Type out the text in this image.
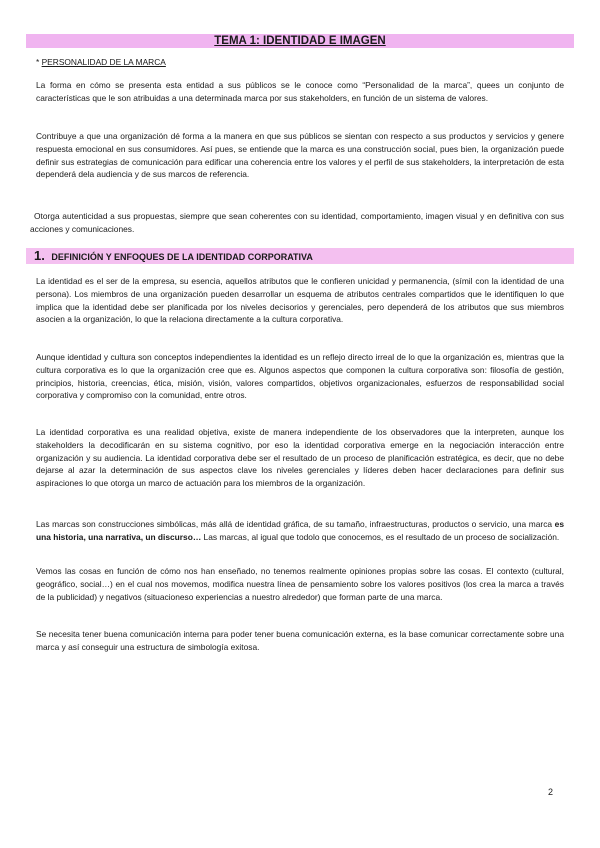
TEMA 1: IDENTIDAD E IMAGEN
* PERSONALIDAD DE LA MARCA

La forma en cómo se presenta esta entidad a sus públicos se le conoce como “Personalidad de la marca”, quees un conjunto de características que le son atribuidas a una determinada marca por sus stakeholders, en función de un sistema de valores.

Contribuye a que una organización dé forma a la manera en que sus públicos se sientan con respecto a sus productos y servicios y genere respuesta emocional en sus consumidores. Así pues, se entiende que la marca es una construcción social, pues bien, la organización puede definir sus estrategias de comunicación para edificar una coherencia entre los valores y el perfil de sus stakeholders, la interpretación de esta dependerá dela audiencia y de sus marcos de referencia.

Otorga autenticidad a sus propuestas, siempre que sean coherentes con su identidad, comportamiento, imagen visual y en definitiva con sus acciones y comunicaciones.

1. DEFINICIÓN Y ENFOQUES DE LA IDENTIDAD CORPORATIVA

La identidad es el ser de la empresa, su esencia, aquellos atributos que le confieren unicidad y permanencia, (símil con la identidad de una persona). Los miembros de una organización pueden desarrollar un esquema de atributos centrales compartidos que le identifiquen lo que implica que la identidad debe ser planificada por los niveles decisorios y gerenciales, pero dependerá de los atributos que sus miembros asocien a la organización, lo que la relaciona directamente a la cultura corporativa.

Aunque identidad y cultura son conceptos independientes la identidad es un reflejo directo irreal de lo que la organización es, mientras que la cultura corporativa es lo que la organización cree que es. Algunos aspectos que componen la cultura corporativa son: filosofía de gestión, principios, historia, creencias, ética, misión, visión, valores compartidos, objetivos organizacionales, esfuerzos de responsabilidad social corporativa y compromiso con la comunidad, entre otros.

La identidad corporativa es una realidad objetiva, existe de manera independiente de los observadores que la interpreten, aunque los stakeholders la decodificarán en su sistema cognitivo, por eso la identidad corporativa emerge en la negociación interacción entre organización y su audiencia. La identidad corporativa debe ser el resultado de un proceso de planificación estratégica, es decir, que no debe dejarse al azar la determinación de sus aspectos clave los niveles gerenciales y líderes deben hacer declaraciones para definir sus aspiraciones lo que otorga un marco de actuación para los miembros de la organización.

Las marcas son construcciones simbólicas, más allá de identidad gráfica, de su tamaño, infraestructuras, productos o servicio, una marca es una historia, una narrativa, un discurso… Las marcas, al igual que todolo que conocemos, es el resultado de un proceso de socialización.

Vemos las cosas en función de cómo nos han enseñado, no tenemos realmente opiniones propias sobre las cosas. El contexto (cultural, geográfico, social…) en el cual nos movemos, modifica nuestra línea de pensamiento sobre los valores positivos (los crea la marca a través de la publicidad) y negativos (situacioneso experiencias a nuestro alrededor) que forman parte de una marca.

Se necesita tener buena comunicación interna para poder tener buena comunicación externa, es la base comunicar correctamente sobre una marca y así conseguir una estructura de simbología exitosa.

2
